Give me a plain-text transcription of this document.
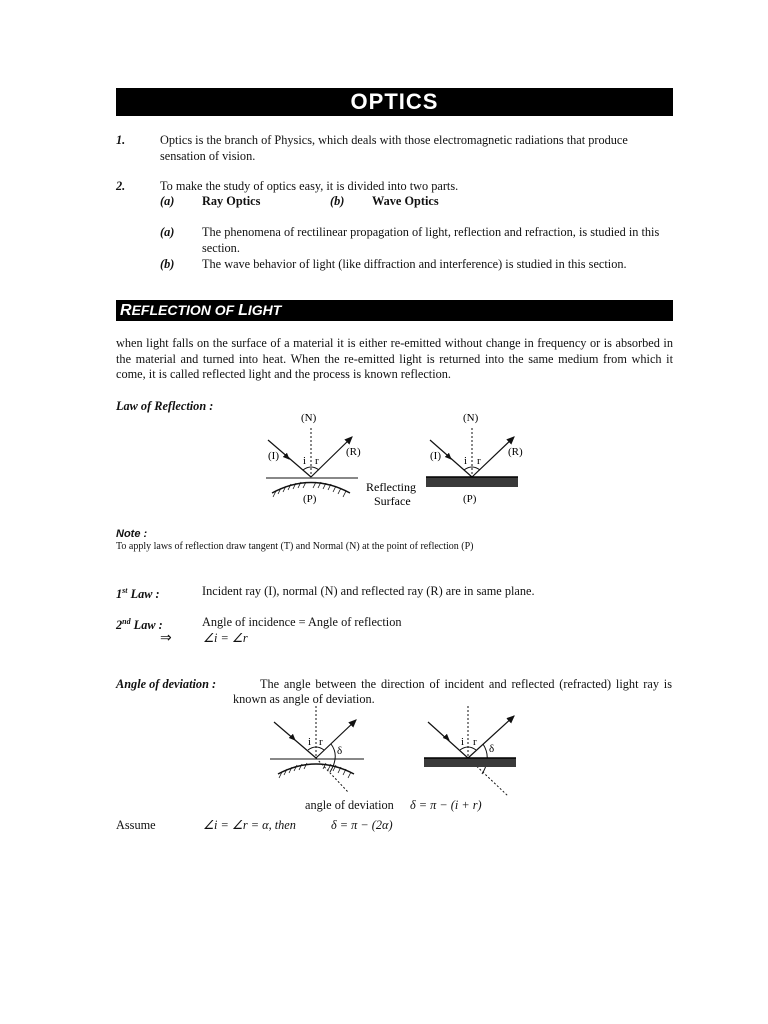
OPTICS
1.	Optics is the branch of Physics, which deals with those electromagnetic radiations that produce sensation of vision.
2.	To make the study of optics easy, it is divided into two parts.
(a) Ray Optics	(b) Wave Optics
(a) The phenomena of rectilinear propagation of light, reflection and refraction, is studied in this section.
(b) The wave behavior of light (like diffraction and interference) is studied in this section.
REFLECTION OF LIGHT
when light falls on the surface of a material it is either re-emitted without change in frequency or is absorbed in the material and turned into heat. When the re-emitted light is returned into the same medium from which it come, it is called reflected light and the process is known reflection.
Law of Reflection :
(N)
(I)	(R)
i r
(P)
Reflecting
Surface
(N)
(I)	(R)
i r
(P)
i r
δ
i r
δ
Note :
To apply laws of reflection draw tangent (T) and Normal (N) at the point of reflection (P)
1st Law :	Incident ray (I), normal (N) and reflected ray (R) are in same plane.
2nd Law :	Angle of incidence = Angle of reflection
⇒	∠i = ∠r
Angle of deviation :	The angle between the direction of incident and reflected (refracted) light ray is
known as angle of deviation.
angle of deviation δ = π − (i + r)
Assume	∠i = ∠r = α, then	δ = π − (2α)
